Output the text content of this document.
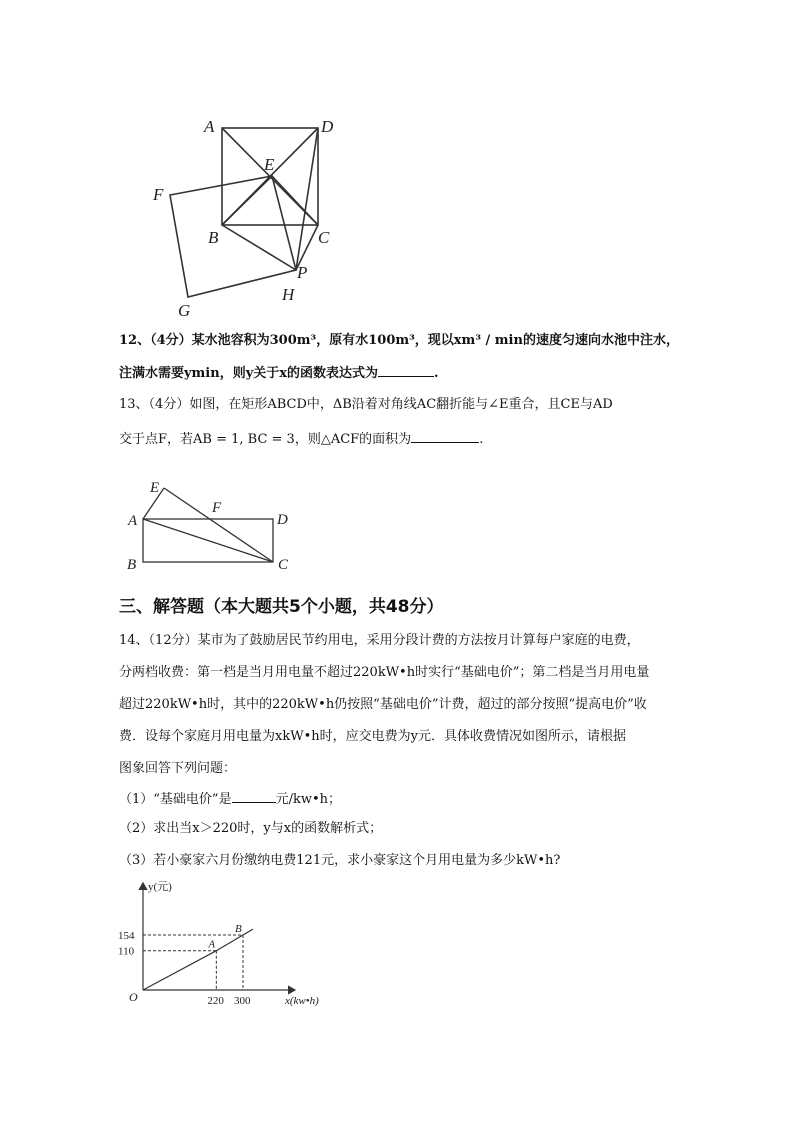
A	D
E
F
B	C
P
H
G
12、（4分）某水池容积为300m³，原有水100m³，现以xm³ / min的速度匀速向水池中注水，
注满水需要ymin，则y关于x的函数表达式为	.
13、（4分）如图，在矩形ABCD中，ΔB沿着对角线AC翻折能与∠E重合，且CE与AD
交于点F，若AB = 1, BC = 3，则△ACF的面积为	.
E
F
A	D
B	C
三、解答题（本大题共5个小题，共48分）
14、（12分）某市为了鼓励居民节约用电，采用分段计费的方法按月计算每户家庭的电费，
分两档收费：第一档是当月用电量不超过220kW•h时实行“基础电价”；第二档是当月用电量
超过220kW•h时，其中的220kW•h仍按照“基础电价”计费，超过的部分按照“提高电价”收
费．设每个家庭月用电量为xkW•h时，应交电费为y元．具体收费情况如图所示，请根据
图象回答下列问题：
（1）“基础电价”是	元/kw•h；
（2）求出当x＞220时，y与x的函数解析式；
（3）若小豪家六月份缴纳电费121元，求小豪家这个月用电量为多少kW•h?
y(元)
x(kw•h)
O
A
B
220 300
154
110
